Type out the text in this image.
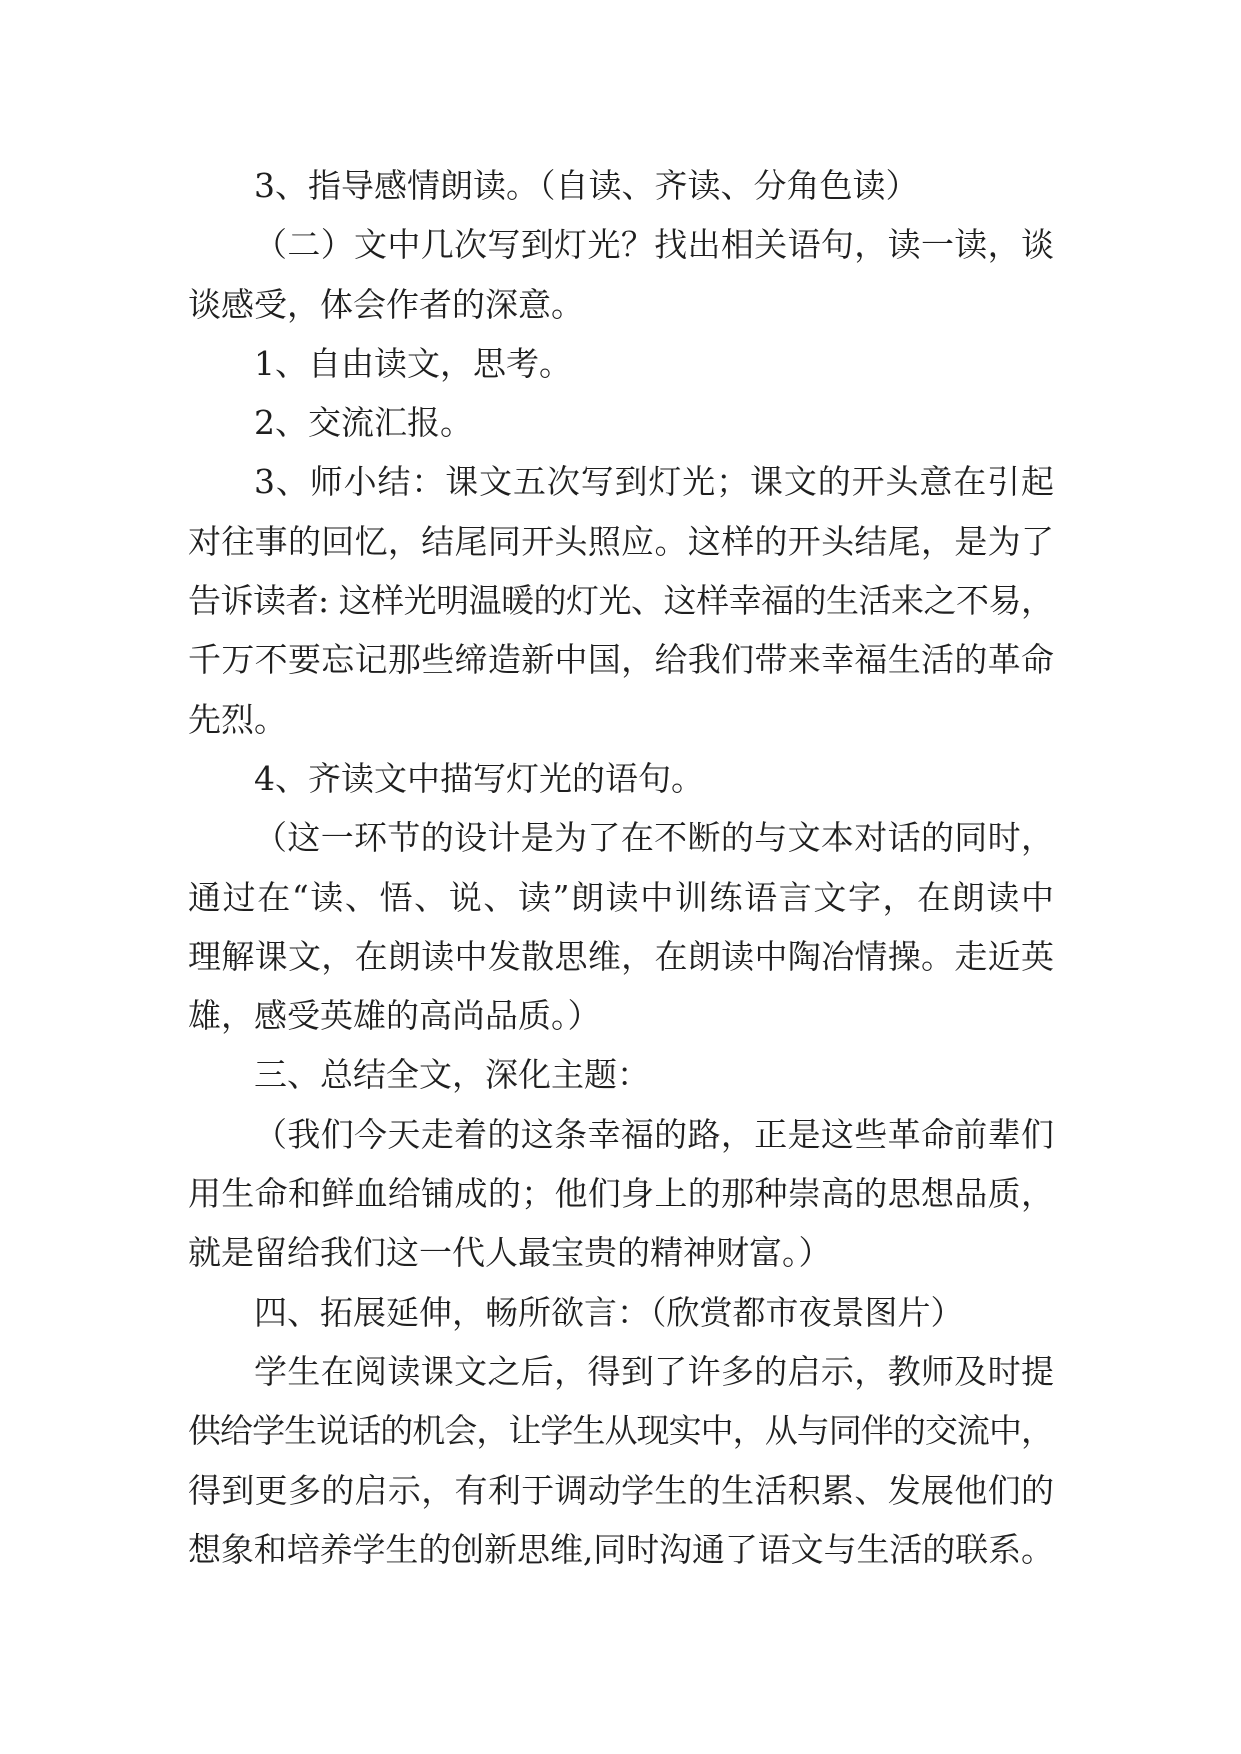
3、指导感情朗读。（自读、齐读、分角色读）
（二）文中几次写到灯光？找出相关语句，读一读，谈
谈感受，体会作者的深意。
1、自由读文，思考。
2、交流汇报。
3、师小结：课文五次写到灯光；课文的开头意在引起
对往事的回忆，结尾同开头照应。这样的开头结尾，是为了
告诉读者: 这样光明温暖的灯光、这样幸福的生活来之不易，
千万不要忘记那些缔造新中国，给我们带来幸福生活的革命
先烈。
4、齐读文中描写灯光的语句。
（这一环节的设计是为了在不断的与文本对话的同时，
通过在“读、悟、说、读”朗读中训练语言文字，在朗读中
理解课文，在朗读中发散思维，在朗读中陶冶情操。走近英
雄，感受英雄的高尚品质。）
三、总结全文，深化主题：
（我们今天走着的这条幸福的路，正是这些革命前辈们
用生命和鲜血给铺成的；他们身上的那种崇高的思想品质，
就是留给我们这一代人最宝贵的精神财富。）
四、拓展延伸，畅所欲言：（欣赏都市夜景图片）
学生在阅读课文之后，得到了许多的启示，教师及时提
供给学生说话的机会，让学生从现实中，从与同伴的交流中，
得到更多的启示，有利于调动学生的生活积累、发展他们的
想象和培养学生的创新思维,同时沟通了语文与生活的联系。
